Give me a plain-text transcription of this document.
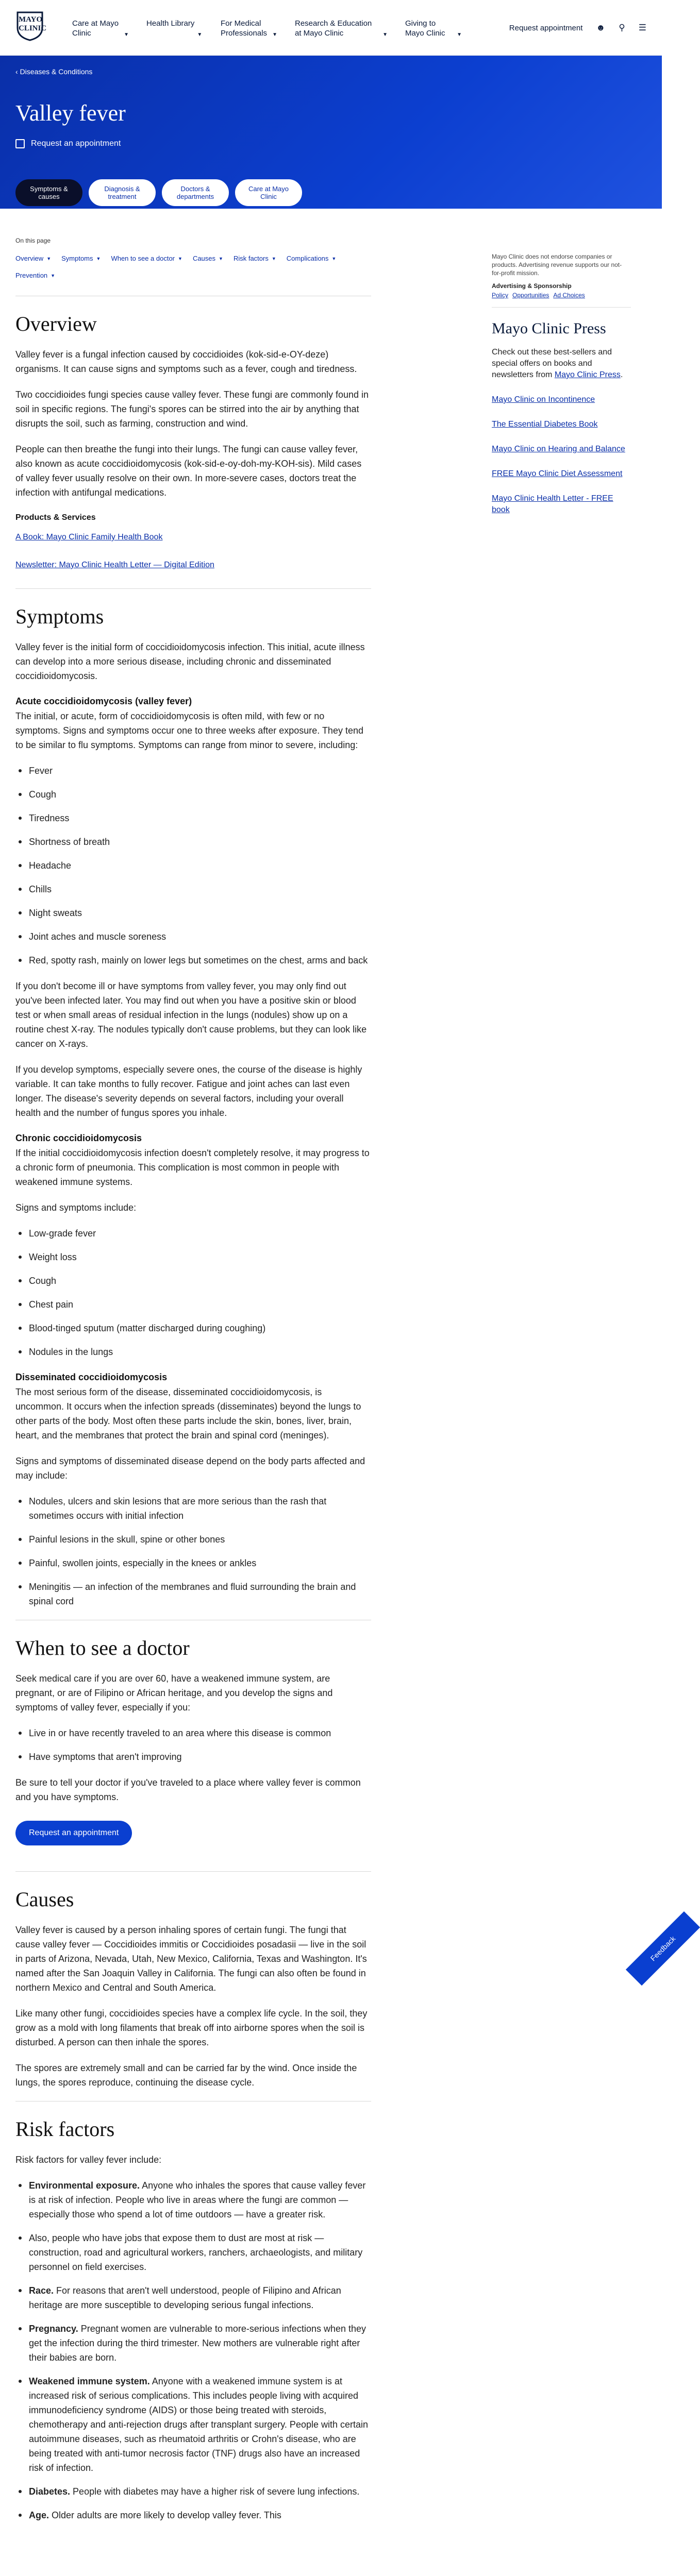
MAYO CLINIC
Care at Mayo Clinic	▼
Health Library
▼
For Medical Professionals	▼
Research & Education at Mayo Clinic	▼
Giving to Mayo Clinic	▼
Request appointment ☻ ⚲ ☰
‹ Diseases & Conditions
Valley fever
Request an appointment
Symptoms & causes
Diagnosis & treatment
Doctors & departments
Care at Mayo Clinic
On this page
Overview ▼ Symptoms ▼ When to see a doctor ▼ Causes ▼ Risk factors ▼ Complications ▼
Prevention ▼
Overview

Valley fever is a fungal infection caused by coccidioides (kok-sid-e-OY-deze) organisms. It can cause signs and symptoms such as a fever, cough and tiredness.

Two coccidioides fungi species cause valley fever. These fungi are commonly found in soil in specific regions. The fungi's spores can be stirred into the air by anything that disrupts the soil, such as farming, construction and wind.

People can then breathe the fungi into their lungs. The fungi can cause valley fever, also known as acute coccidioidomycosis (kok-sid-e-oy-doh-my-KOH-sis). Mild cases of valley fever usually resolve on their own. In more-severe cases, doctors treat the infection with antifungal medications.

Products & Services
A Book: Mayo Clinic Family Health Book
Newsletter: Mayo Clinic Health Letter — Digital Edition
Symptoms

Valley fever is the initial form of coccidioidomycosis infection. This initial, acute illness can develop into a more serious disease, including chronic and disseminated coccidioidomycosis.

Acute coccidioidomycosis (valley fever)

The initial, or acute, form of coccidioidomycosis is often mild, with few or no symptoms. Signs and symptoms occur one to three weeks after exposure. They tend to be similar to flu symptoms. Symptoms can range from minor to severe, including:

Fever
Cough
Tiredness
Shortness of breath
Headache
Chills
Night sweats
Joint aches and muscle soreness
Red, spotty rash, mainly on lower legs but sometimes on the chest, arms and back

If you don't become ill or have symptoms from valley fever, you may only find out you've been infected later. You may find out when you have a positive skin or blood test or when small areas of residual infection in the lungs (nodules) show up on a routine chest X-ray. The nodules typically don't cause problems, but they can look like cancer on X-rays.

If you develop symptoms, especially severe ones, the course of the disease is highly variable. It can take months to fully recover. Fatigue and joint aches can last even longer. The disease's severity depends on several factors, including your overall health and the number of fungus spores you inhale.

Chronic coccidioidomycosis

If the initial coccidioidomycosis infection doesn't completely resolve, it may progress to a chronic form of pneumonia. This complication is most common in people with weakened immune systems.

Signs and symptoms include:

Low-grade fever
Weight loss
Cough
Chest pain
Blood-tinged sputum (matter discharged during coughing)
Nodules in the lungs
Disseminated coccidioidomycosis

The most serious form of the disease, disseminated coccidioidomycosis, is uncommon. It occurs when the infection spreads (disseminates) beyond the lungs to other parts of the body. Most often these parts include the skin, bones, liver, brain, heart, and the membranes that protect the brain and spinal cord (meninges).

Signs and symptoms of disseminated disease depend on the body parts affected and may include:

Nodules, ulcers and skin lesions that are more serious than the rash that sometimes occurs with initial infection
Painful lesions in the skull, spine or other bones
Painful, swollen joints, especially in the knees or ankles
Meningitis — an infection of the membranes and fluid surrounding the brain and spinal cord
When to see a doctor

Seek medical care if you are over 60, have a weakened immune system, are pregnant, or are of Filipino or African heritage, and you develop the signs and symptoms of valley fever, especially if you:

Live in or have recently traveled to an area where this disease is common
Have symptoms that aren't improving

Be sure to tell your doctor if you've traveled to a place where valley fever is common and you have symptoms.

Request an appointment
Causes

Valley fever is caused by a person inhaling spores of certain fungi. The fungi that cause valley fever — Coccidioides immitis or Coccidioides posadasii — live in the soil in parts of Arizona, Nevada, Utah, New Mexico, California, Texas and Washington. It's named after the San Joaquin Valley in California. The fungi can also often be found in northern Mexico and Central and South America.

Like many other fungi, coccidioides species have a complex life cycle. In the soil, they grow as a mold with long filaments that break off into airborne spores when the soil is disturbed. A person can then inhale the spores.

The spores are extremely small and can be carried far by the wind. Once inside the lungs, the spores reproduce, continuing the disease cycle.

Risk factors

Risk factors for valley fever include:

Environmental exposure. Anyone who inhales the spores that cause valley fever is at risk of infection. People who live in areas where the fungi are common — especially those who spend a lot of time outdoors — have a greater risk.
Also, people who have jobs that expose them to dust are most at risk — construction, road and agricultural workers, ranchers, archaeologists, and military personnel on field exercises.
Race. For reasons that aren't well understood, people of Filipino and African heritage are more susceptible to developing serious fungal infections.
Pregnancy. Pregnant women are vulnerable to more-serious infections when they get the infection during the third trimester. New mothers are vulnerable right after their babies are born.
Weakened immune system. Anyone with a weakened immune system is at increased risk of serious complications. This includes people living with acquired immunodeficiency syndrome (AIDS) or those being treated with steroids, chemotherapy and anti-rejection drugs after transplant surgery. People with certain autoimmune diseases, such as rheumatoid arthritis or Crohn's disease, who are being treated with anti-tumor necrosis factor (TNF) drugs also have an increased risk of infection.
Diabetes. People with diabetes may have a higher risk of severe lung infections.
Age. Older adults are more likely to develop valley fever. This
Mayo Clinic does not endorse companies or products. Advertising revenue supports our not-for-profit mission.
Advertising & Sponsorship
Policy Opportunities Ad Choices
Mayo Clinic Press
Check out these best-sellers and special offers on books and newsletters from Mayo Clinic Press.
Mayo Clinic on Incontinence
The Essential Diabetes Book
Mayo Clinic on Hearing and Balance
FREE Mayo Clinic Diet Assessment
Mayo Clinic Health Letter - FREE book
Feedback
